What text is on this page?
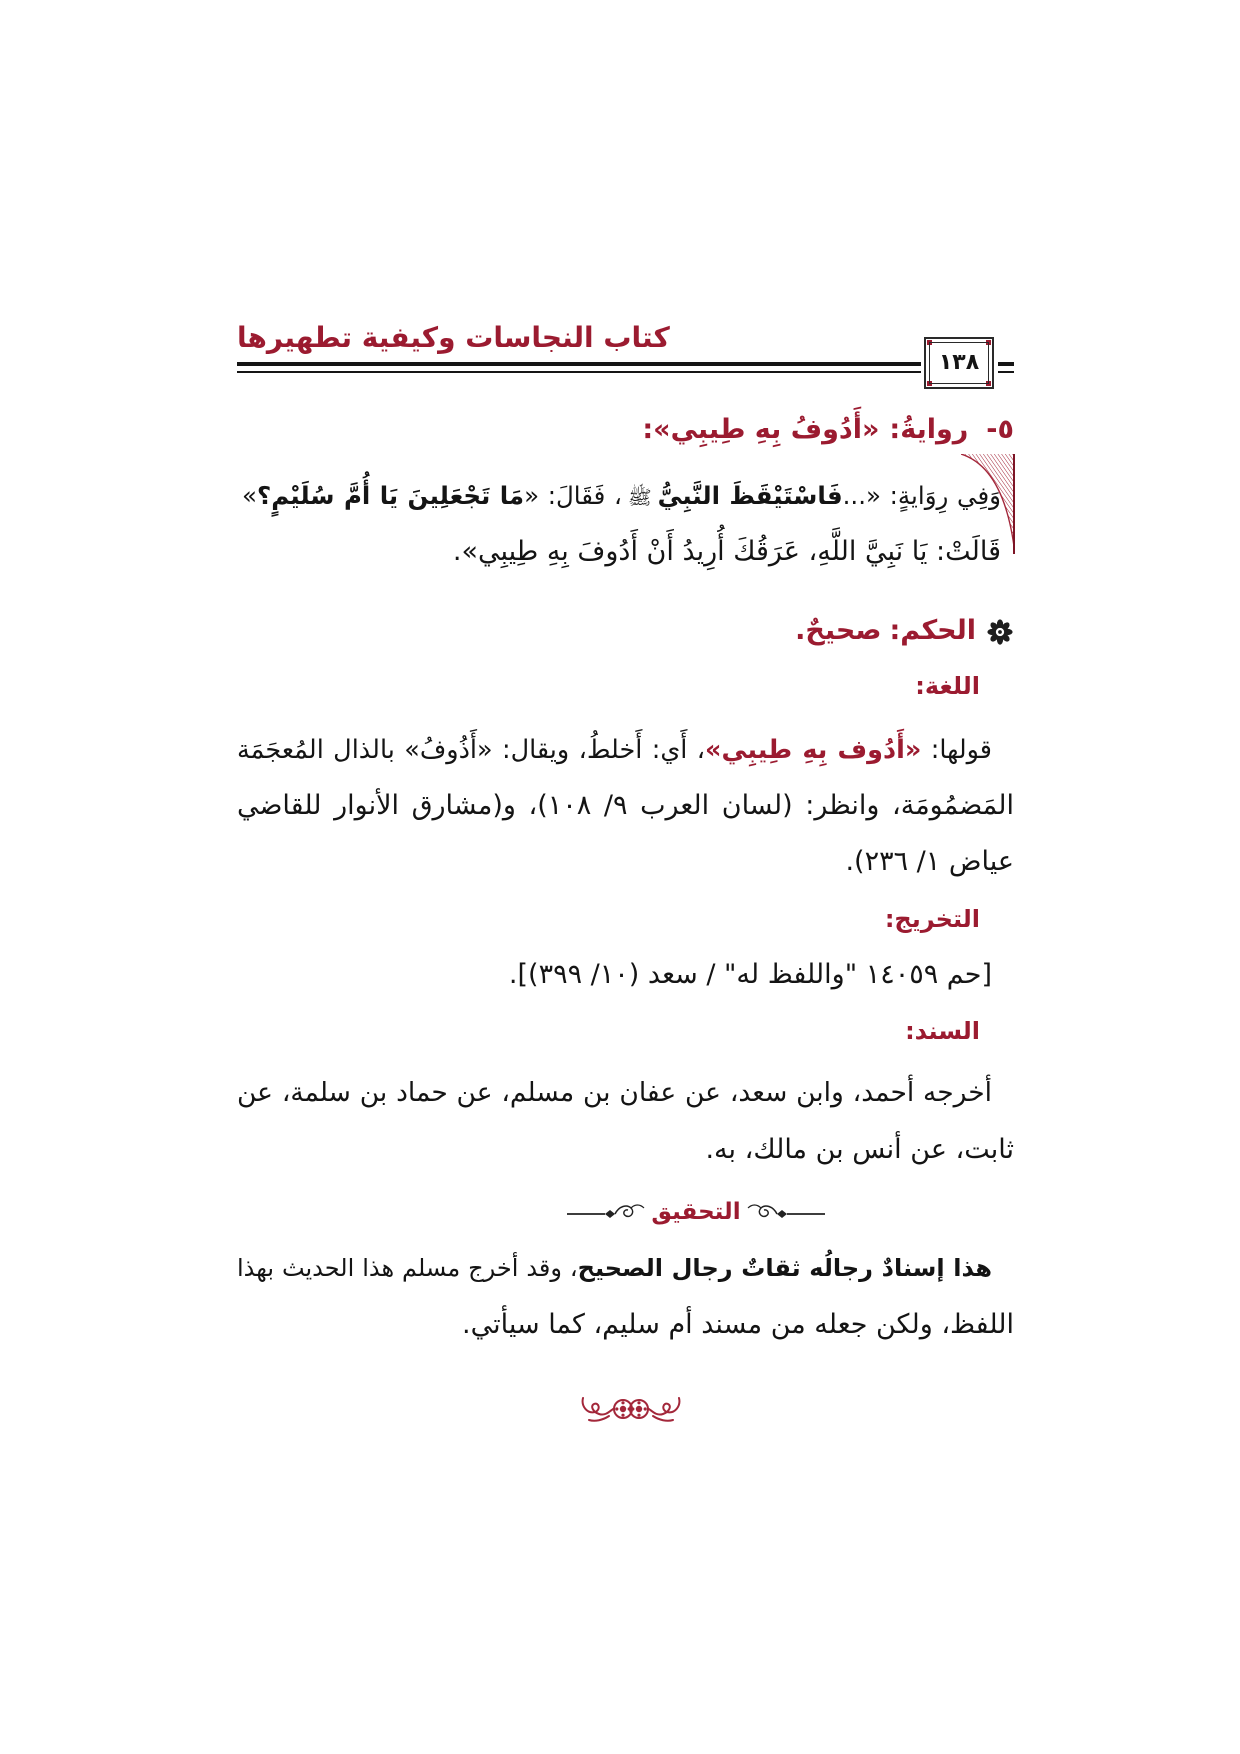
كتاب النجاسات وكيفية تطهيرها
١٣٨
٥-روايةُ:«أَدُوفُ بِهِ طِيبِي»:
وَفِي رِوَايةٍ: «...فَاسْتَيْقَظَ النَّبِيُّﷺ، فَقَالَ: «مَا تَجْعَلِينَ يَا أُمَّ سُلَيْمٍ؟»
قَالَتْ: يَا نَبِيَّ اللَّهِ، عَرَقُكَ أُرِيدُ أَنْ أَدُوفَ بِهِ طِيبِي».
الحكم:صحيحٌ.
اللغة:
قولها: «أَدُوف بِهِ طِيبِي»، أَي: أَخلطُ، ويقال: «أَذُوفُ» بالذال المُعجَمَة
المَضمُومَة، وانظر: (لسان العرب ٩/ ١٠٨)، و(مشارق الأنوار للقاضي
عياض ١/ ٢٣٦).
التخريج:
[حم ١٤٠٥٩ "واللفظ له" / سعد (١٠/ ٣٩٩)].
السند:
أخرجه أحمد، وابن سعد، عن عفان بن مسلم، عن حماد بن سلمة، عن
ثابت، عن أنس بن مالك، به.
التحقيق
هذا إسنادٌ رجالُه ثقاتٌ رجال الصحيح، وقد أخرج مسلم هذا الحديث بهذا
اللفظ، ولكن جعله من مسند أم سليم، كما سيأتي.
